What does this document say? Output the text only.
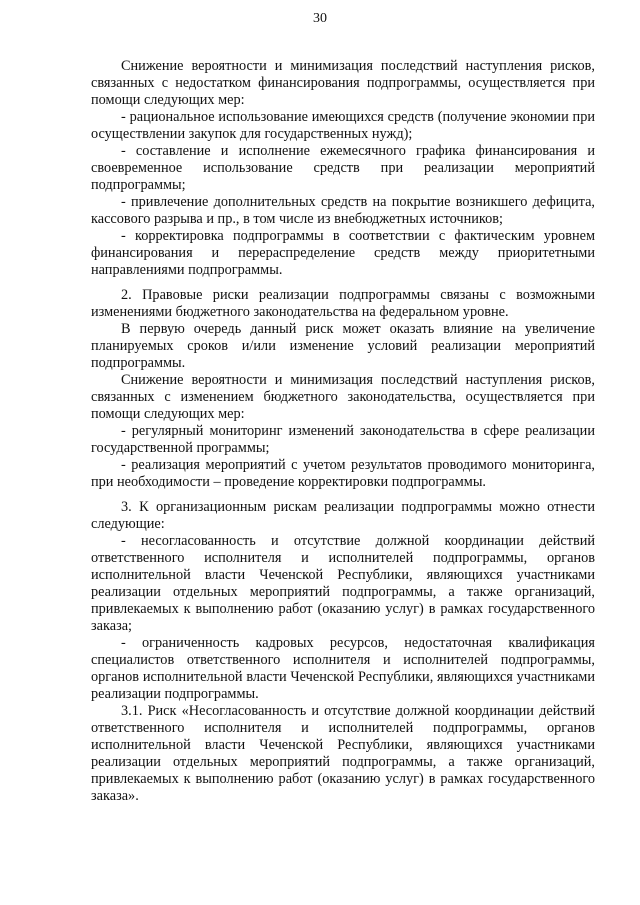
30

Снижение вероятности и минимизация последствий наступления рисков, связанных с недостатком финансирования подпрограммы, осуществляется при помощи следующих мер:

- рациональное использование имеющихся средств (получение экономии при осуществлении закупок для государственных нужд);

- составление и исполнение ежемесячного графика финансирования и своевременное использование средств при реализации мероприятий подпрограммы;

- привлечение дополнительных средств на покрытие возникшего дефицита, кассового разрыва и пр., в том числе из внебюджетных источников;

- корректировка подпрограммы в соответствии с фактическим уровнем финансирования и перераспределение средств между приоритетными направлениями подпрограммы.

2. Правовые риски реализации подпрограммы связаны с возможными изменениями бюджетного законодательства на федеральном уровне.

В первую очередь данный риск может оказать влияние на увеличение планируемых сроков и/или изменение условий реализации мероприятий подпрограммы.

Снижение вероятности и минимизация последствий наступления рисков, связанных с изменением бюджетного законодательства, осуществляется при помощи следующих мер:

- регулярный мониторинг изменений законодательства в сфере реализации государственной программы;

- реализация мероприятий с учетом результатов проводимого мониторинга, при необходимости – проведение корректировки подпрограммы.

3. К организационным рискам реализации подпрограммы можно отнести следующие:

- несогласованность и отсутствие должной координации действий ответственного исполнителя и исполнителей подпрограммы, органов исполнительной власти Чеченской Республики, являющихся участниками реализации отдельных мероприятий подпрограммы, а также организаций, привлекаемых к выполнению работ (оказанию услуг) в рамках государственного заказа;

- ограниченность кадровых ресурсов, недостаточная квалификация специалистов ответственного исполнителя и исполнителей подпрограммы, органов исполнительной власти Чеченской Республики, являющихся участниками реализации подпрограммы.

3.1. Риск «Несогласованность и отсутствие должной координации действий ответственного исполнителя и исполнителей подпрограммы, органов исполнительной власти Чеченской Республики, являющихся участниками реализации отдельных мероприятий подпрограммы, а также организаций, привлекаемых к выполнению работ (оказанию услуг) в рамках государственного заказа».
